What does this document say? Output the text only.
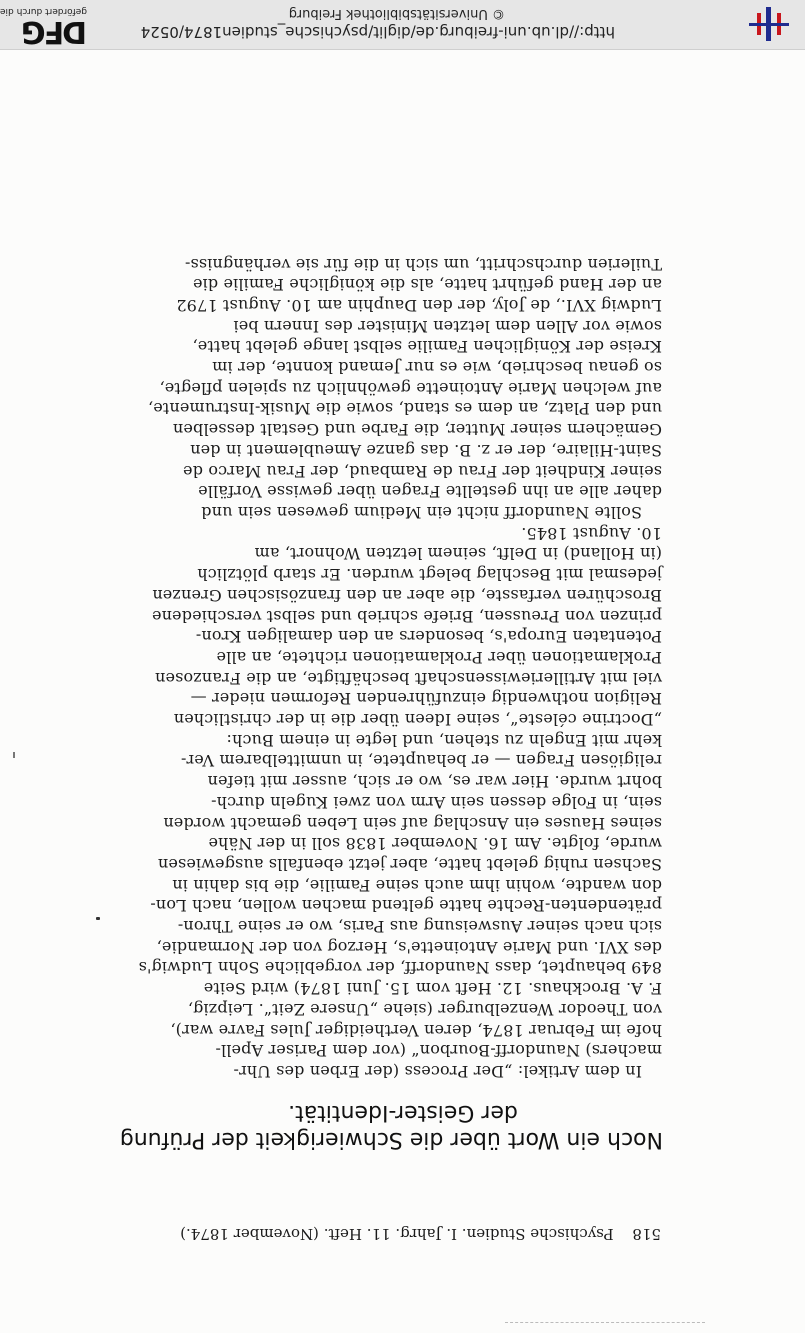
518 Psychische Studien. I. Jahrg. 11. Heft. (November 1874.)
Noch ein Wort über die Schwierigkeit der Prüfung
der Geister-Identität.
In dem Artikel: „Der Process (der Erben des Uhr-
machers) Naundorff-Bourbon“ (vor dem Pariser Apell-
hofe im Februar 1874, deren Vertheidiger Jules Favre war),
von Theodor Wenzelburger (siehe „Unsere Zeit“. Leipzig,
F. A. Brockhaus. 12. Heft vom 15. Juni 1874) wird Seite
849 behauptet, dass Naundorff, der vorgebliche Sohn Ludwig's
des XVI. und Marie Antoinette's, Herzog von der Normandie,
sich nach seiner Ausweisung aus Paris, wo er seine Thron-
prätendenten-Rechte hatte geltend machen wollen, nach Lon-
don wandte, wohin ihm auch seine Familie, die bis dahin in
Sachsen ruhig gelebt hatte, aber jetzt ebenfalls ausgewiesen
wurde, folgte. Am 16. November 1838 soll in der Nähe
seines Hauses ein Anschlag auf sein Leben gemacht worden
sein, in Folge dessen sein Arm von zwei Kugeln durch-
bohrt wurde. Hier war es, wo er sich, ausser mit tiefen
religiösen Fragen — er behauptete, in unmittelbarem Ver-
kehr mit Engeln zu stehen, und legte in einem Buch:
„Doctrine céleste“, seine Ideen über die in der christlichen
Religion nothwendig einzuführenden Reformen nieder —
viel mit Artilleriewissenschaft beschäftigte, an die Franzosen
Proklamationen über Proklamationen richtete, an alle
Potentaten Europa's, besonders an den damaligen Kron-
prinzen von Preussen, Briefe schrieb und selbst verschiedene
Broschüren verfasste, die aber an den französischen Grenzen
jedesmal mit Beschlag belegt wurden. Er starb plötzlich
(in Holland) in Delft, seinem letzten Wohnort, am
10. August 1845.
Sollte Naundorff nicht ein Medium gewesen sein und
daher alle an ihn gestellte Fragen über gewisse Vorfälle
seiner Kindheit der Frau de Rambaud, der Frau Marco de
Saint-Hilaire, der er z. B. das ganze Ameublement in den
Gemächern seiner Mutter, die Farbe und Gestalt desselben
und den Platz, an dem es stand, sowie die Musik-Instrumente,
auf welchen Marie Antoinette gewöhnlich zu spielen pflegte,
so genau beschrieb, wie es nur Jemand konnte, der im
Kreise der Königlichen Familie selbst lange gelebt hatte,
sowie vor Allen dem letzten Minister des Innern bei
Ludwig XVI., de Joly, der den Dauphin am 10. August 1792
an der Hand geführt hatte, als die königliche Familie die
Tuilerien durchschritt, um sich in die für sie verhängniss-
http://dl.ub.uni-freiburg.de/diglit/psychische_studien1874/0524
© Universitätsbibliothek Freiburg
DFG
gefördert durch die
